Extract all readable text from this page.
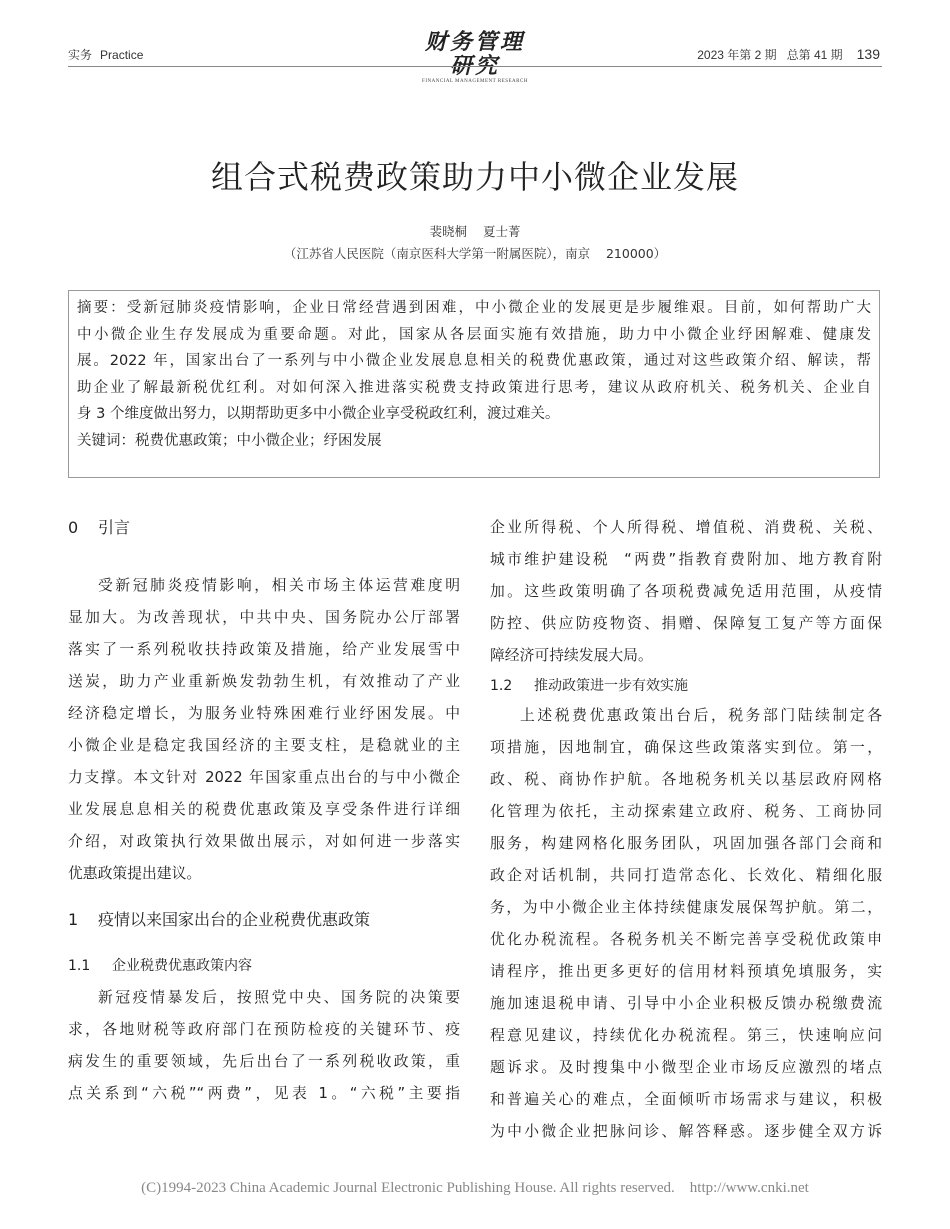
实务 Practice	财务管理研究
FINANCIAL MANAGEMENT RESEARCH
2023 年第 2 期   总第 41 期 139
组合式税费政策助力中小微企业发展
裴晓桐    夏士菁
（江苏省人民医院（南京医科大学第一附属医院），南京    210000）

摘要：受新冠肺炎疫情影响，企业日常经营遇到困难，中小微企业的发展更是步履维艰。目前，如何帮助广大

中小微企业生存发展成为重要命题。对此，国家从各层面实施有效措施，助力中小微企业纾困解难、健康发

展。2022 年，国家出台了一系列与中小微企业发展息息相关的税费优惠政策，通过对这些政策介绍、解读，帮

助企业了解最新税优红利。对如何深入推进落实税费支持政策进行思考，建议从政府机关、税务机关、企业自

身 3 个维度做出努力，以期帮助更多中小微企业享受税政红利，渡过难关。

关键词：税费优惠政策；中小微企业；纾困发展

0 引言
受新冠肺炎疫情影响，相关市场主体运营难度明
显加大。为改善现状，中共中央、国务院办公厅部署
落实了一系列税收扶持政策及措施，给产业发展雪中
送炭，助力产业重新焕发勃勃生机，有效推动了产业
经济稳定增长，为服务业特殊困难行业纾困发展。中
小微企业是稳定我国经济的主要支柱，是稳就业的主
力支撑。本文针对 2022 年国家重点出台的与中小微企
业发展息息相关的税费优惠政策及享受条件进行详细
介绍，对政策执行效果做出展示，对如何进一步落实
优惠政策提出建议。
1 疫情以来国家出台的企业税费优惠政策
1.1 企业税费优惠政策内容
新冠疫情暴发后，按照党中央、国务院的决策要
求，各地财税等政府部门在预防检疫的关键环节、疫
病发生的重要领域，先后出台了一系列税收政策，重
点关系到“六税”“两费”，见表 1。“六税”主要指
企业所得税、个人所得税、增值税、消费税、关税、
城市维护建设税  “两费”指教育费附加、地方教育附
加。这些政策明确了各项税费减免适用范围，从疫情
防控、供应防疫物资、捐赠、保障复工复产等方面保
障经济可持续发展大局。
1.2 推动政策进一步有效实施
上述税费优惠政策出台后，税务部门陆续制定各
项措施，因地制宜，确保这些政策落实到位。第一，
政、税、商协作护航。各地税务机关以基层政府网格
化管理为依托，主动探索建立政府、税务、工商协同
服务，构建网格化服务团队，巩固加强各部门会商和
政企对话机制，共同打造常态化、长效化、精细化服
务，为中小微企业主体持续健康发展保驾护航。第二，
优化办税流程。各税务机关不断完善享受税优政策申
请程序，推出更多更好的信用材料预填免填服务，实
施加速退税申请、引导中小企业积极反馈办税缴费流
程意见建议，持续优化办税流程。第三，快速响应问
题诉求。及时搜集中小微型企业市场反应激烈的堵点
和普遍关心的难点，全面倾听市场需求与建议，积极
为中小微企业把脉问诊、解答释惑。逐步健全双方诉
(C)1994-2023 China Academic Journal Electronic Publishing House. All rights reserved.    http://www.cnki.net
